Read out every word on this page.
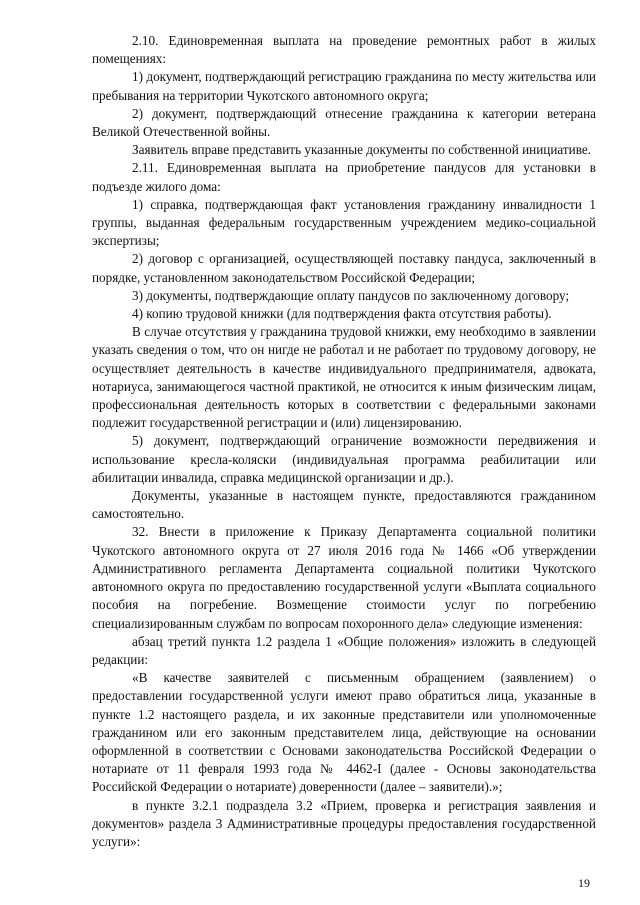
2.10. Единовременная выплата на проведение ремонтных работ в жилых помещениях:

1) документ, подтверждающий регистрацию гражданина по месту жительства или пребывания на территории Чукотского автономного округа;

2) документ, подтверждающий отнесение гражданина к категории ветерана Великой Отечественной войны.

Заявитель вправе представить указанные документы по собственной инициативе.

2.11. Единовременная выплата на приобретение пандусов для установки в подъезде жилого дома:

1) справка, подтверждающая факт установления гражданину инвалидности 1 группы, выданная федеральным государственным учреждением медико-социальной экспертизы;

2) договор с организацией, осуществляющей поставку пандуса, заключенный в порядке, установленном законодательством Российской Федерации;

3) документы, подтверждающие оплату пандусов по заключенному договору;

4) копию трудовой книжки (для подтверждения факта отсутствия работы).

В случае отсутствия у гражданина трудовой книжки, ему необходимо в заявлении указать сведения о том, что он нигде не работал и не работает по трудовому договору, не осуществляет деятельность в качестве индивидуального предпринимателя, адвоката, нотариуса, занимающегося частной практикой, не относится к иным физическим лицам, профессиональная деятельность которых в соответствии с федеральными законами подлежит государственной регистрации и (или) лицензированию.

5) документ, подтверждающий ограничение возможности передвижения и использование кресла-коляски (индивидуальная программа реабилитации или абилитации инвалида, справка медицинской организации и др.).

Документы, указанные в настоящем пункте, предоставляются гражданином самостоятельно.

32. Внести в приложение к Приказу Департамента социальной политики Чукотского автономного округа от 27 июля 2016 года № 1466 «Об утверждении Административного регламента Департамента социальной политики Чукотского автономного округа по предоставлению государственной услуги «Выплата социального пособия на погребение. Возмещение стоимости услуг по погребению специализированным службам по вопросам похоронного дела» следующие изменения:

абзац третий пункта 1.2 раздела 1 «Общие положения» изложить в следующей редакции:

«В качестве заявителей с письменным обращением (заявлением) о предоставлении государственной услуги имеют право обратиться лица, указанные в пункте 1.2 настоящего раздела, и их законные представители или уполномоченные гражданином или его законным представителем лица, действующие на основании оформленной в соответствии с Основами законодательства Российской Федерации о нотариате от 11 февраля 1993 года № 4462-I (далее - Основы законодательства Российской Федерации о нотариате) доверенности (далее – заявители).»;

в пункте 3.2.1 подраздела 3.2 «Прием, проверка и регистрация заявления и документов» раздела 3 Административные процедуры предоставления государственной услуги»:

19
